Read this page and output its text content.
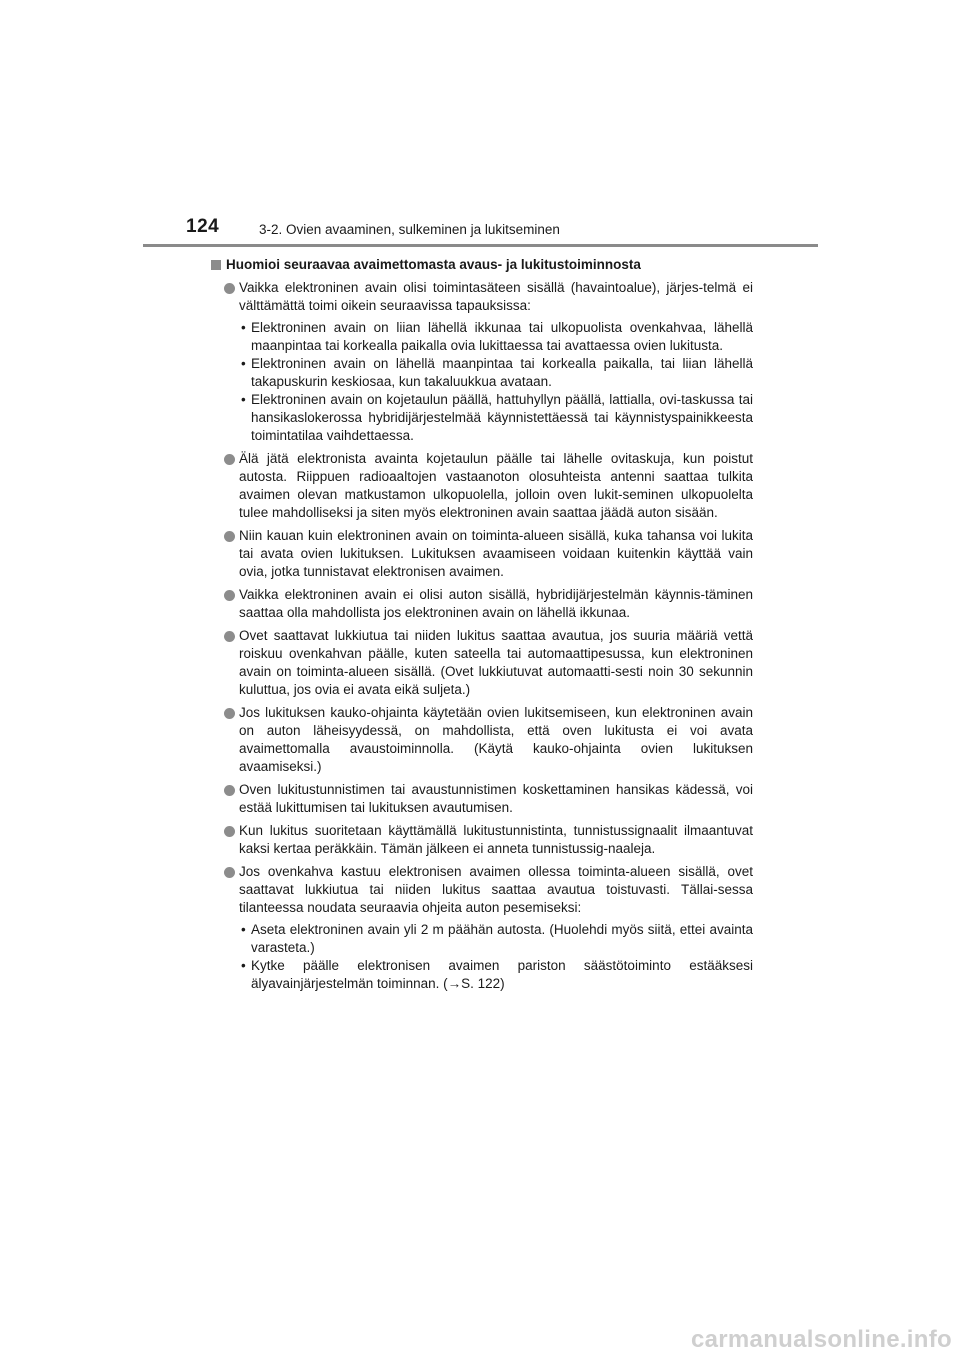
124	3-2. Ovien avaaminen, sulkeminen ja lukitseminen
Huomioi seuraavaa avaimettomasta avaus- ja lukitustoiminnosta
Vaikka elektroninen avain olisi toimintasäteen sisällä (havaintoalue), järjes-telmä ei välttämättä toimi oikein seuraavissa tapauksissa:
• Elektroninen avain on liian lähellä ikkunaa tai ulkopuolista ovenkahvaa, lähellä maanpintaa tai korkealla paikalla ovia lukittaessa tai avattaessa ovien lukitusta.
• Elektroninen avain on lähellä maanpintaa tai korkealla paikalla, tai liian lähellä takapuskurin keskiosaa, kun takaluukkua avataan.
• Elektroninen avain on kojetaulun päällä, hattuhyllyn päällä, lattialla, ovi-taskussa tai hansikaslokerossa hybridijärjestelmää käynnistettäessä tai käynnistyspainikkeesta toimintatilaa vaihdettaessa.
Älä jätä elektronista avainta kojetaulun päälle tai lähelle ovitaskuja, kun poistut autosta. Riippuen radioaaltojen vastaanoton olosuhteista antenni saattaa tulkita avaimen olevan matkustamon ulkopuolella, jolloin oven lukit-seminen ulkopuolelta tulee mahdolliseksi ja siten myös elektroninen avain saattaa jäädä auton sisään.
Niin kauan kuin elektroninen avain on toiminta-alueen sisällä, kuka tahansa voi lukita tai avata ovien lukituksen. Lukituksen avaamiseen voidaan kuitenkin käyttää vain ovia, jotka tunnistavat elektronisen avaimen.
Vaikka elektroninen avain ei olisi auton sisällä, hybridijärjestelmän käynnis-täminen saattaa olla mahdollista jos elektroninen avain on lähellä ikkunaa.
Ovet saattavat lukkiutua tai niiden lukitus saattaa avautua, jos suuria määriä vettä roiskuu ovenkahvan päälle, kuten sateella tai automaattipesussa, kun elektroninen avain on toiminta-alueen sisällä. (Ovet lukkiutuvat automaatti-sesti noin 30 sekunnin kuluttua, jos ovia ei avata eikä suljeta.)
Jos lukituksen kauko-ohjainta käytetään ovien lukitsemiseen, kun elektroninen avain on auton läheisyydessä, on mahdollista, että oven lukitusta ei voi avata avaimettomalla avaustoiminnolla. (Käytä kauko-ohjainta ovien lukituksen avaamiseksi.)
Oven lukitustunnistimen tai avaustunnistimen koskettaminen hansikas kädessä, voi estää lukittumisen tai lukituksen avautumisen.
Kun lukitus suoritetaan käyttämällä lukitustunnistinta, tunnistussignaalit ilmaantuvat kaksi kertaa peräkkäin. Tämän jälkeen ei anneta tunnistussig-naaleja.
Jos ovenkahva kastuu elektronisen avaimen ollessa toiminta-alueen sisällä, ovet saattavat lukkiutua tai niiden lukitus saattaa avautua toistuvasti. Tällai-sessa tilanteessa noudata seuraavia ohjeita auton pesemiseksi:
• Aseta elektroninen avain yli 2 m päähän autosta. (Huolehdi myös siitä, ettei avainta varasteta.)
• Kytke päälle elektronisen avaimen pariston säästötoiminto estääksesi älyavainjärjestelmän toiminnan. (→S. 122)
carmanualsonline.info
